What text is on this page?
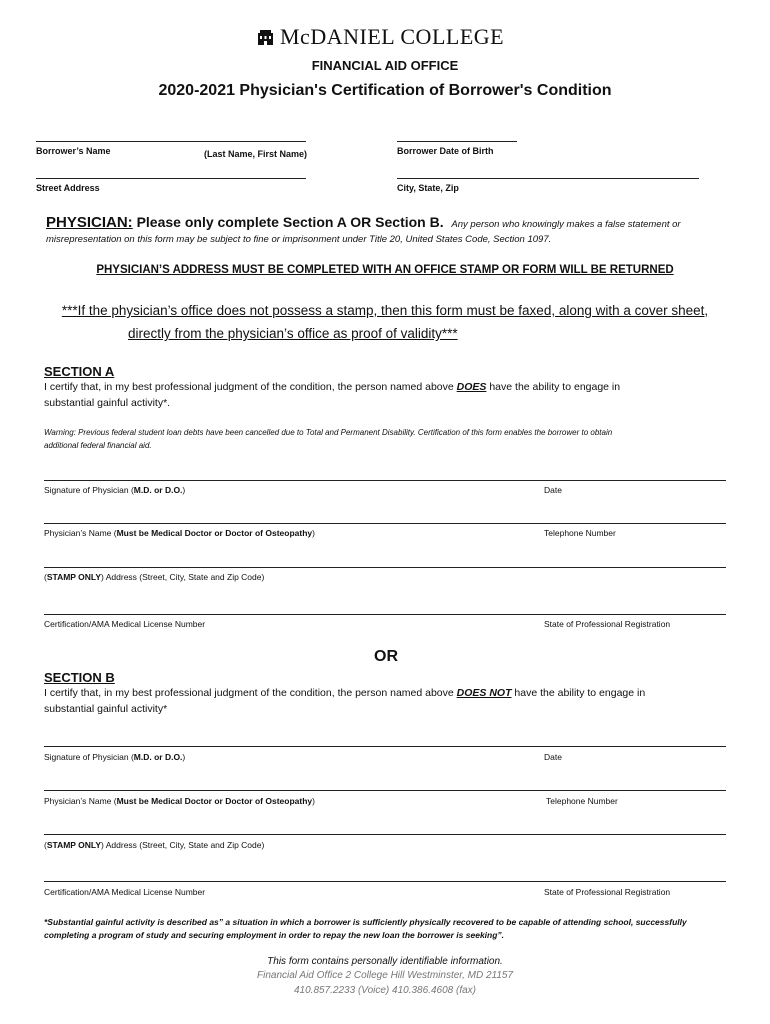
McDANIEL COLLEGE
FINANCIAL AID OFFICE
2020-2021 Physician's Certification of Borrower's Condition
Borrower’s Name	(Last Name, First Name)	Borrower Date of Birth
Street Address	City, State, Zip
PHYSICIAN: Please only complete Section A OR Section B. Any person who knowingly makes a false statement or
misrepresentation on this form may be subject to fine or imprisonment under Title 20, United States Code, Section 1097.
PHYSICIAN’S ADDRESS MUST BE COMPLETED WITH AN OFFICE STAMP OR FORM WILL BE RETURNED
***If the physician’s office does not possess a stamp, then this form must be faxed, along with a cover sheet,
directly from the physician’s office as proof of validity***
SECTION A
I certify that, in my best professional judgment of the condition, the person named above DOES have the ability to engage in
substantial gainful activity*.
Warning: Previous federal student loan debts have been cancelled due to Total and Permanent Disability. Certification of this form enables the borrower to obtain
additional federal financial aid.
Signature of Physician (M.D. or D.O.)	Date
Physician’s Name (Must be Medical Doctor or Doctor of Osteopathy)	Telephone Number
(STAMP ONLY) Address (Street, City, State and Zip Code)
Certification/AMA Medical License Number	State of Professional Registration
OR
SECTION B
I certify that, in my best professional judgment of the condition, the person named above DOES NOT have the ability to engage in
substantial gainful activity*
Signature of Physician (M.D. or D.O.)	Date
Physician’s Name (Must be Medical Doctor or Doctor of Osteopathy)	Telephone Number
(STAMP ONLY) Address (Street, City, State and Zip Code)
Certification/AMA Medical License Number	State of Professional Registration
*Substantial gainful activity is described as” a situation in which a borrower is sufficiently physically recovered to be capable of attending school, successfully completing a program of study and securing employment in order to repay the new loan the borrower is seeking”.
This form contains personally identifiable information.
Financial Aid Office 2 College Hill Westminster, MD 21157
410.857.2233 (Voice) 410.386.4608 (fax)
